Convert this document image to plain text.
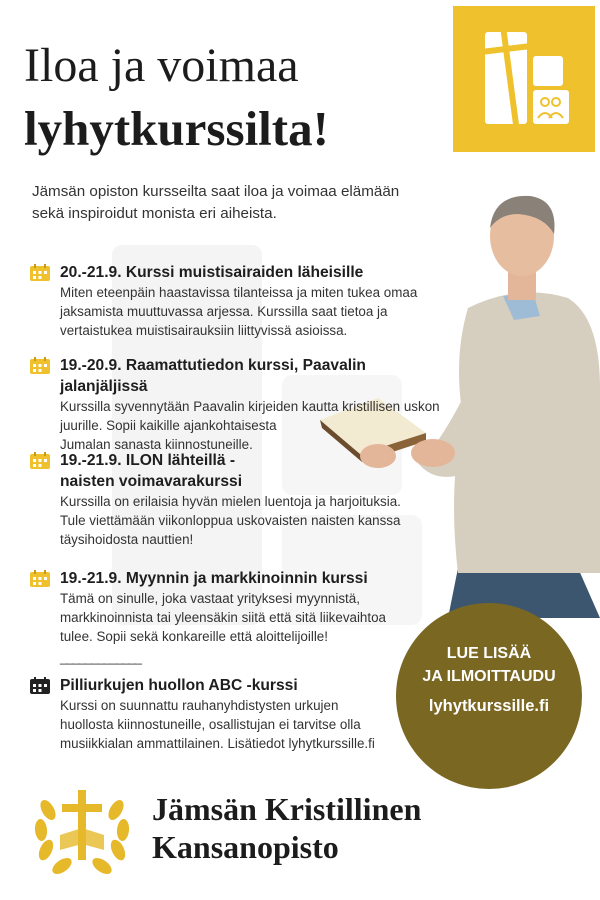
Iloa ja voimaa
lyhytkurssilta!
Jämsän opiston kursseilta saat iloa ja voimaa elämään sekä inspiroidut monista eri aiheista.
20.-21.9. Kurssi muistisairaiden läheisille
Miten eteenpäin haastavissa tilanteissa ja miten tukea omaa
jaksamista muuttuvassa arjessa. Kurssilla saat tietoa ja
vertaistukea muistisairauksiin liittyvissä asioissa.
19.-20.9. Raamattutiedon kurssi, Paavalin jalanjäljissä
Kurssilla syvennytään Paavalin kirjeiden kautta kristillisen uskon
juurille. Sopii kaikille ajankohtaisesta
Jumalan sanasta kiinnostuneille.
19.-21.9. ILON lähteillä -
naisten voimavarakurssi
Kurssilla on erilaisia hyvän mielen luentoja ja harjoituksia.
Tule viettämään viikonloppua uskovaisten naisten kanssa
täysihoidosta nauttien!
19.-21.9. Myynnin ja markkinoinnin kurssi
Tämä on sinulle, joka vastaat yrityksesi myynnistä,
markkinoinnista tai yleensäkin siitä että sitä liikevaihtoa
tulee. Sopii sekä konkareille että aloittelijoille!
_____________
Pilliurkujen huollon ABC -kurssi
Kurssi on suunnattu rauhanyhdistysten urkujen
huollosta kiinnostuneille, osallistujan ei tarvitse olla
musiikkialan ammattilainen. Lisätiedot lyhytkurssille.fi
LUE LISÄÄ
JA ILMOITTAUDU
lyhytkurssille.fi
Jämsän Kristillinen
Kansanopisto
